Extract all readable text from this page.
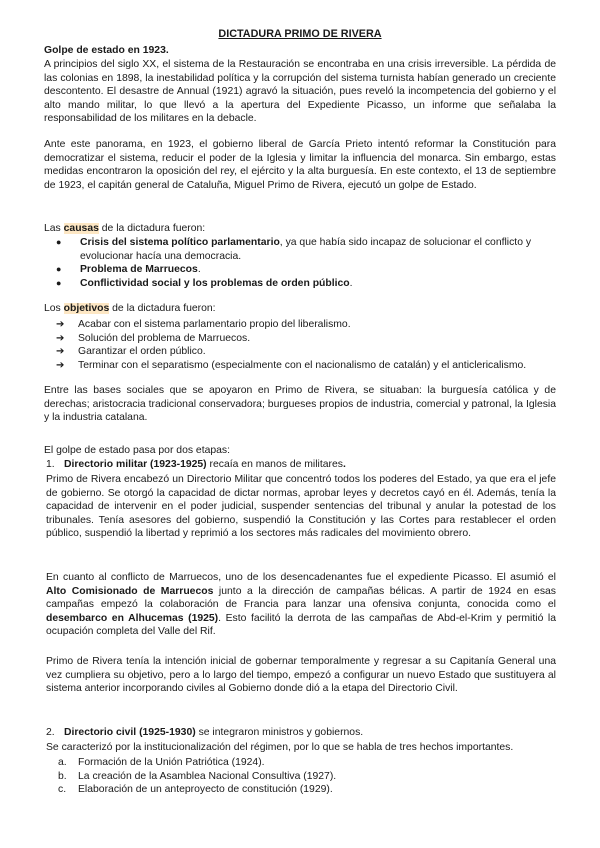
DICTADURA PRIMO DE RIVERA
Golpe de estado en 1923.
A principios del siglo XX, el sistema de la Restauración se encontraba en una crisis irreversible. La pérdida de las colonias en 1898, la inestabilidad política y la corrupción del sistema turnista habían generado un creciente descontento. El desastre de Annual (1921) agravó la situación, pues reveló la incompetencia del gobierno y el alto mando militar, lo que llevó a la apertura del Expediente Picasso, un informe que señalaba la responsabilidad de los militares en la debacle.
Ante este panorama, en 1923, el gobierno liberal de García Prieto intentó reformar la Constitución para democratizar el sistema, reducir el poder de la Iglesia y limitar la influencia del monarca. Sin embargo, estas medidas encontraron la oposición del rey, el ejército y la alta burguesía. En este contexto, el 13 de septiembre de 1923, el capitán general de Cataluña, Miguel Primo de Rivera, ejecutó un golpe de Estado.
Las causas de la dictadura fueron:
● Crisis del sistema político parlamentario, ya que había sido incapaz de solucionar el conflicto y evolucionar hacía una democracia.
● Problema de Marruecos.
● Conflictividad social y los problemas de orden público.
Los objetivos de la dictadura fueron:
➔ Acabar con el sistema parlamentario propio del liberalismo.
➔ Solución del problema de Marruecos.
➔ Garantizar el orden público.
➔ Terminar con el separatismo (especialmente con el nacionalismo de catalán) y el anticlericalismo.
Entre las bases sociales que se apoyaron en Primo de Rivera, se situaban: la burguesía católica y de derechas; aristocracia tradicional conservadora; burgueses propios de industria, comercial y patronal, la Iglesia y la industria catalana.
El golpe de estado pasa por dos etapas:
1. Directorio militar (1923-1925) recaía en manos de militares.
Primo de Rivera encabezó un Directorio Militar que concentró todos los poderes del Estado, ya que era el jefe de gobierno. Se otorgó la capacidad de dictar normas, aprobar leyes y decretos cayó en él. Además, tenía la capacidad de intervenir en el poder judicial, suspender sentencias del tribunal y anular la potestad de los tribunales. Tenía asesores del gobierno, suspendió la Constitución y las Cortes para restablecer el orden público, suspendió la libertad y reprimió a los sectores más radicales del movimiento obrero.
En cuanto al conflicto de Marruecos, uno de los desencadenantes fue el expediente Picasso. El asumió el Alto Comisionado de Marruecos junto a la dirección de campañas bélicas. A partir de 1924 en esas campañas empezó la colaboración de Francia para lanzar una ofensiva conjunta, conocida como el desembarco en Alhucemas (1925). Esto facilitó la derrota de las campañas de Abd-el-Krim y permitió la ocupación completa del Valle del Rif.
Primo de Rivera tenía la intención inicial de gobernar temporalmente y regresar a su Capitanía General una vez cumpliera su objetivo, pero a lo largo del tiempo, empezó a configurar un nuevo Estado que sustituyera al sistema anterior incorporando civiles al Gobierno donde dió a la etapa del Directorio Civil.
2. Directorio civil (1925-1930) se integraron ministros y gobiernos.
Se caracterizó por la institucionalización del régimen, por lo que se habla de tres hechos importantes.
a. Formación de la Unión Patriótica (1924).
b. La creación de la Asamblea Nacional Consultiva (1927).
c. Elaboración de un anteproyecto de constitución (1929).
